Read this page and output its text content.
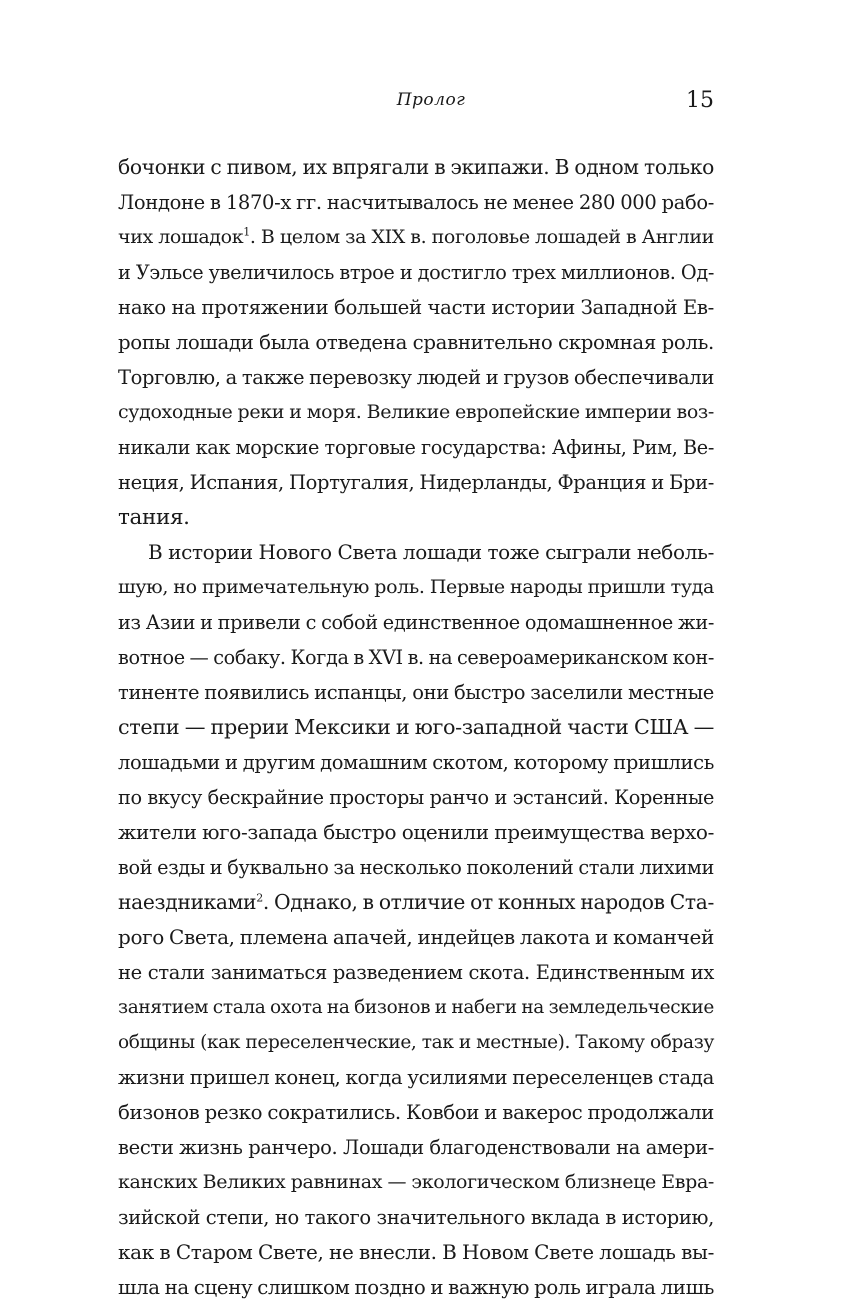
Пролог	15
бочонки с пивом, их впрягали в экипажи. В одном только
Лондоне в 1870-х гг. насчитывалось не менее 280 000 рабо-
чих лошадок$^1$. В целом за XIX в. поголовье лошадей в Англии
и Уэльсе увеличилось втрое и достигло трех миллионов. Од-
нако на протяжении большей части истории Западной Ев-
ропы лошади была отведена сравнительно скромная роль.
Торговлю, а также перевозку людей и грузов обеспечивали
судоходные реки и моря. Великие европейские империи воз-
никали как морские торговые государства: Афины, Рим, Ве-
неция, Испания, Португалия, Нидерланды, Франция и Бри-
тания.
В истории Нового Света лошади тоже сыграли неболь-
шую, но примечательную роль. Первые народы пришли туда
из Азии и привели с собой единственное одомашненное жи-
вотное — собаку. Когда в XVI в. на североамериканском кон-
тиненте появились испанцы, они быстро заселили местные
степи — прерии Мексики и юго-западной части США —
лошадьми и другим домашним скотом, которому пришлись
по вкусу бескрайние просторы ранчо и эстансий. Коренные
жители юго-запада быстро оценили преимущества верхо-
вой езды и буквально за несколько поколений стали лихими
наездниками$^2$. Однако, в отличие от конных народов Ста-
рого Света, племена апачей, индейцев лакота и команчей
не стали заниматься разведением скота. Единственным их
занятием стала охота на бизонов и набеги на земледельческие
общины (как переселенческие, так и местные). Такому образу
жизни пришел конец, когда усилиями переселенцев стада
бизонов резко сократились. Ковбои и вакерос продолжали
вести жизнь ранчеро. Лошади благоденствовали на амери-
канских Великих равнинах — экологическом близнеце Евра-
зийской степи, но такого значительного вклада в историю,
как в Старом Свете, не внесли. В Новом Свете лошадь вы-
шла на сцену слишком поздно и важную роль играла лишь
